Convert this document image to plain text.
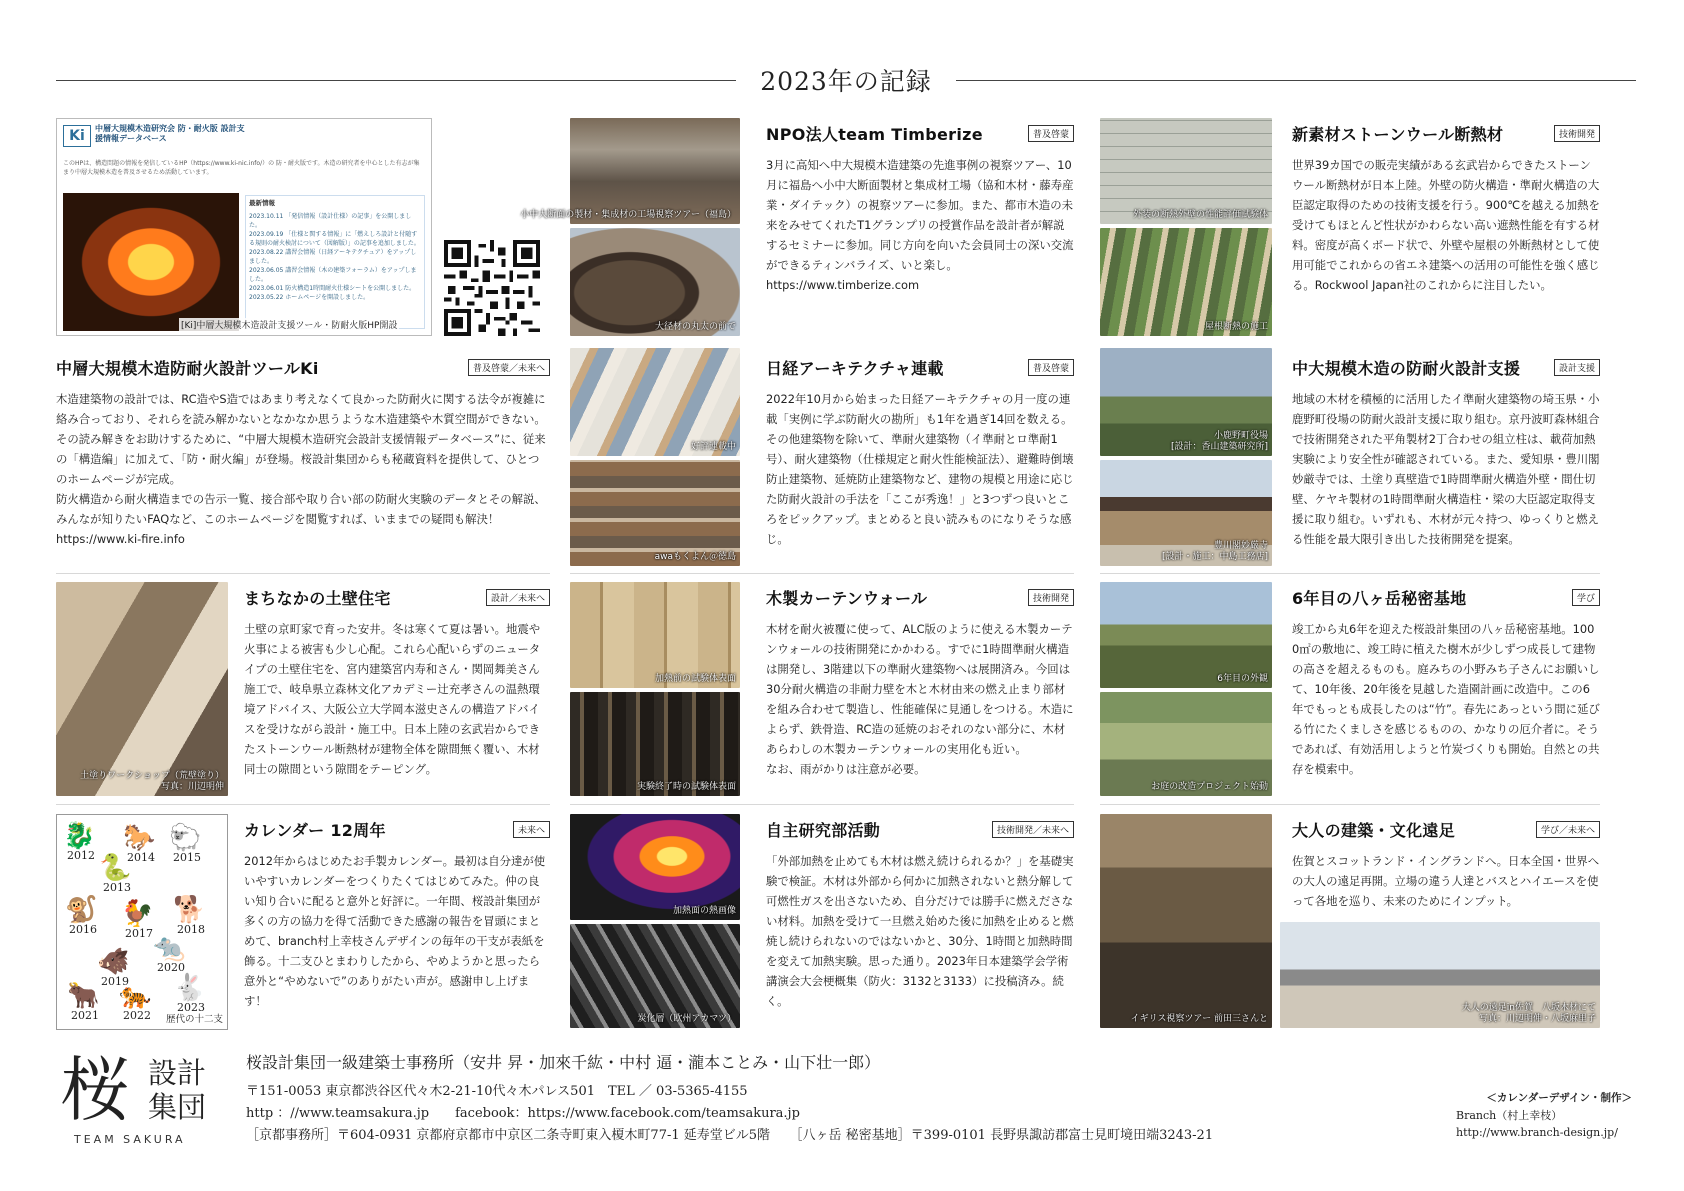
2023年の記録
Ki	中層大規模木造研究会 防・耐火版 設計支援情報データベース
このHPは、構造問題の情報を発信しているHP（https://www.ki-nic.info/）の 防・耐火版です。木造の研究者を中心とした有志が集まり中層大規模木造を普及させるため活動しています。
最新情報
2023.10.11 「発信情報（設計仕様）の記事」を公開しました。
2023.09.19 「仕様と関する情報」に「燃えしろ設計と付随する規則の耐火検討について（図解版）」の記事を追加しました。
2023.08.22 講習会情報（日経アーキテクチュア）をアップしました。
2023.06.05 講習会情報（木の建築フォーラム）をアップしました。
2023.06.01 防火構造1時間耐火仕様シートを公開しました。
2023.05.22 ホームページを開設しました。
[Ki]中層大規模木造設計支援ツール・防耐火版HP開設
中層大規模木造防耐火設計ツールKi	普及啓蒙／未来へ
木造建築物の設計では、RC造やS造ではあまり考えなくて良かった防耐火に関する法令が複雑に絡み合っており、それらを読み解かないとなかなか思うような木造建築や木質空間ができない。その読み解きをお助けするために、“中層大規模木造研究会設計支援情報データベース”に、従来の「構造編」に加えて、「防・耐火編」が登場。桜設計集団からも秘蔵資料を提供して、ひとつのホームページが完成。
防火構造から耐火構造までの告示一覧、接合部や取り合い部の防耐火実験のデータとその解説、みんなが知りたいFAQなど、このホームページを閲覧すれば、いままでの疑問も解決！
https://www.ki-fire.info
小中大断面の製材・集成材の工場視察ツアー（福島）
大径材の丸太の前で
NPO法人team Timberize	普及啓蒙
3月に高知へ中大規模木造建築の先進事例の視察ツアー、10月に福島へ小中大断面製材と集成材工場（協和木材・藤寿産業・ダイテック）の視察ツアーに参加。また、都市木造の未来をみせてくれたT1グランプリの授賞作品を設計者が解説するセミナーに参加。同じ方向を向いた会員同士の深い交流ができるティンバライズ、いと楽し。
https://www.timberize.com
外装の断熱外壁の性能評価試験体
屋根断熱の施工
新素材ストーンウール断熱材	技術開発
世界39カ国での販売実績がある玄武岩からできたストーンウール断熱材が日本上陸。外壁の防火構造・準耐火構造の大臣認定取得のための技術支援を行う。900℃を越える加熱を受けてもほとんど性状がかわらない高い遮熱性能を有する材料。密度が高くボード状で、外壁や屋根の外断熱材として使用可能でこれからの省エネ建築への活用の可能性を強く感じる。Rockwool Japan社のこれからに注目したい。
好評連載中
awaもくよん＠徳島
日経アーキテクチャ連載	普及啓蒙
2022年10月から始まった日経アーキテクチャの月一度の連載「実例に学ぶ防耐火の勘所」も1年を過ぎ14回を数える。その他建築物を除いて、準耐火建築物（イ準耐とロ準耐1号）、耐火建築物（仕様規定と耐火性能検証法）、避難時倒壊防止建築物、延焼防止建築物など、建物の規模と用途に応じた防耐火設計の手法を「ここが秀逸！」と3つずつ良いところをピックアップ。まとめると良い読みものになりそうな感じ。
小鹿野町役場
[設計：香山建築研究所]
豊川閣妙厳寺
[設計・施工：中島工務店]
中大規模木造の防耐火設計支援	設計支援
地域の木材を積極的に活用したイ準耐火建築物の埼玉県・小鹿野町役場の防耐火設計支援に取り組む。京丹波町森林組合で技術開発された平角製材2丁合わせの組立柱は、載荷加熱実験により安全性が確認されている。また、愛知県・豊川閣妙厳寺では、土塗り真壁造で1時間準耐火構造外壁・間仕切壁、ケヤキ製材の1時間準耐火構造柱・梁の大臣認定取得支援に取り組む。いずれも、木材が元々持つ、ゆっくりと燃える性能を最大限引き出した技術開発を提案。
土塗りワークショップ（荒壁塗り）
写真：川辺明伸
まちなかの土壁住宅	設計／未来へ
土壁の京町家で育った安井。冬は寒くて夏は暑い。地震や火事による被害も少し心配。これら心配いらずのニュータイプの土壁住宅を、宮内建築宮内寿和さん・関岡舞美さん施工で、岐阜県立森林文化アカデミー辻充孝さんの温熱環境アドバイス、大阪公立大学岡本滋史さんの構造アドバイスを受けながら設計・施工中。日本上陸の玄武岩からできたストーンウール断熱材が建物全体を隙間無く覆い、木材同士の隙間という隙間をテーピング。
加熱前の試験体表面
実験終了時の試験体表面
木製カーテンウォール	技術開発
木材を耐火被覆に使って、ALC版のように使える木製カーテンウォールの技術開発にかかわる。すでに1時間準耐火構造は開発し、3階建以下の準耐火建築物へは展開済み。今回は30分耐火構造の非耐力壁を木と木材由来の燃え止まり部材を組み合わせて製造し、性能確保に見通しをつける。木造によらず、鉄骨造、RC造の延焼のおそれのない部分に、木材あらわしの木製カーテンウォールの実用化も近い。
なお、雨がかりは注意が必要。
6年目の外観
お庭の改造プロジェクト始動
6年目の八ヶ岳秘密基地	学び
竣工から丸6年を迎えた桜設計集団の八ヶ岳秘密基地。1000㎡の敷地に、竣工時に植えた樹木が少しずつ成長して建物の高さを超えるものも。庭みちの小野みち子さんにお願いして、10年後、20年後を見越した造園計画に改造中。この6年でもっとも成長したのは“竹”。春先にあっという間に延びる竹にたくましさを感じるものの、かなりの厄介者に。そうであれば、有効活用しようと竹炭づくりも開始。自然との共存を模索中。
🐉
2012
🐎
2014
🐑
2015
🐍
2013
🐒
2016
🐓
2017
🐕
2018
🐗
2019
🐀
2020
🐂
2021
🐅
2022
🐇
2023
歴代の十二支
カレンダー 12周年	未来へ
2012年からはじめたお手製カレンダー。最初は自分達が使いやすいカレンダーをつくりたくてはじめてみた。仲の良い知り合いに配ると意外と好評に。一年間、桜設計集団が多くの方の協力を得て活動できた感謝の報告を冒頭にまとめて、branch村上幸枝さんデザインの毎年の干支が表紙を飾る。十二支ひとまわりしたから、やめようかと思ったら意外と“やめないで”のありがたい声が。感謝申し上げます！
加熱面の熱画像
炭化層（欧州アカマツ）
自主研究部活動	技術開発／未来へ
「外部加熱を止めても木材は燃え続けられるか？」を基礎実験で検証。木材は外部から何かに加熱されないと熱分解して可燃性ガスを出さないため、自分だけでは勝手に燃えださない材料。加熱を受けて一旦燃え始めた後に加熱を止めると燃焼し続けられないのではないかと、30分、1時間と加熱時間を変えて加熱実験。思った通り。2023年日本建築学会学術講演会大会梗概集（防火：3132と3133）に投稿済み。続く。
イギリス視察ツアー 前田三さんと
大人の建築・文化遠足	学び／未来へ
佐賀とスコットランド・イングランドへ。日本全国・世界への大人の遠足再開。立場の違う人達とバスとハイエースを使って各地を巡り、未来のためにインプット。
大人の遠足in佐賀　八坂木材にて
写真：川辺明伸・八坂麻里子
桜 設計
集団
TEAM SAKURA
桜設計集団一級建築士事務所（安井 昇・加來千紘・中村 逼・瀧本ことみ・山下壮一郎）
〒151-0053 東京都渋谷区代々木2-21-10代々木パレス501　TEL ／ 03-5365-4155
http ：//www.teamsakura.jp　　facebook：https://www.facebook.com/teamsakura.jp
［京都事務所］〒604-0931 京都府京都市中京区二条寺町東入榎木町77-1 延寿堂ビル5階　　［八ヶ岳 秘密基地］〒399-0101 長野県諏訪郡富士見町境田端3243-21
＜カレンダーデザイン・制作＞
Branch（村上幸枝）
http://www.branch-design.jp/
